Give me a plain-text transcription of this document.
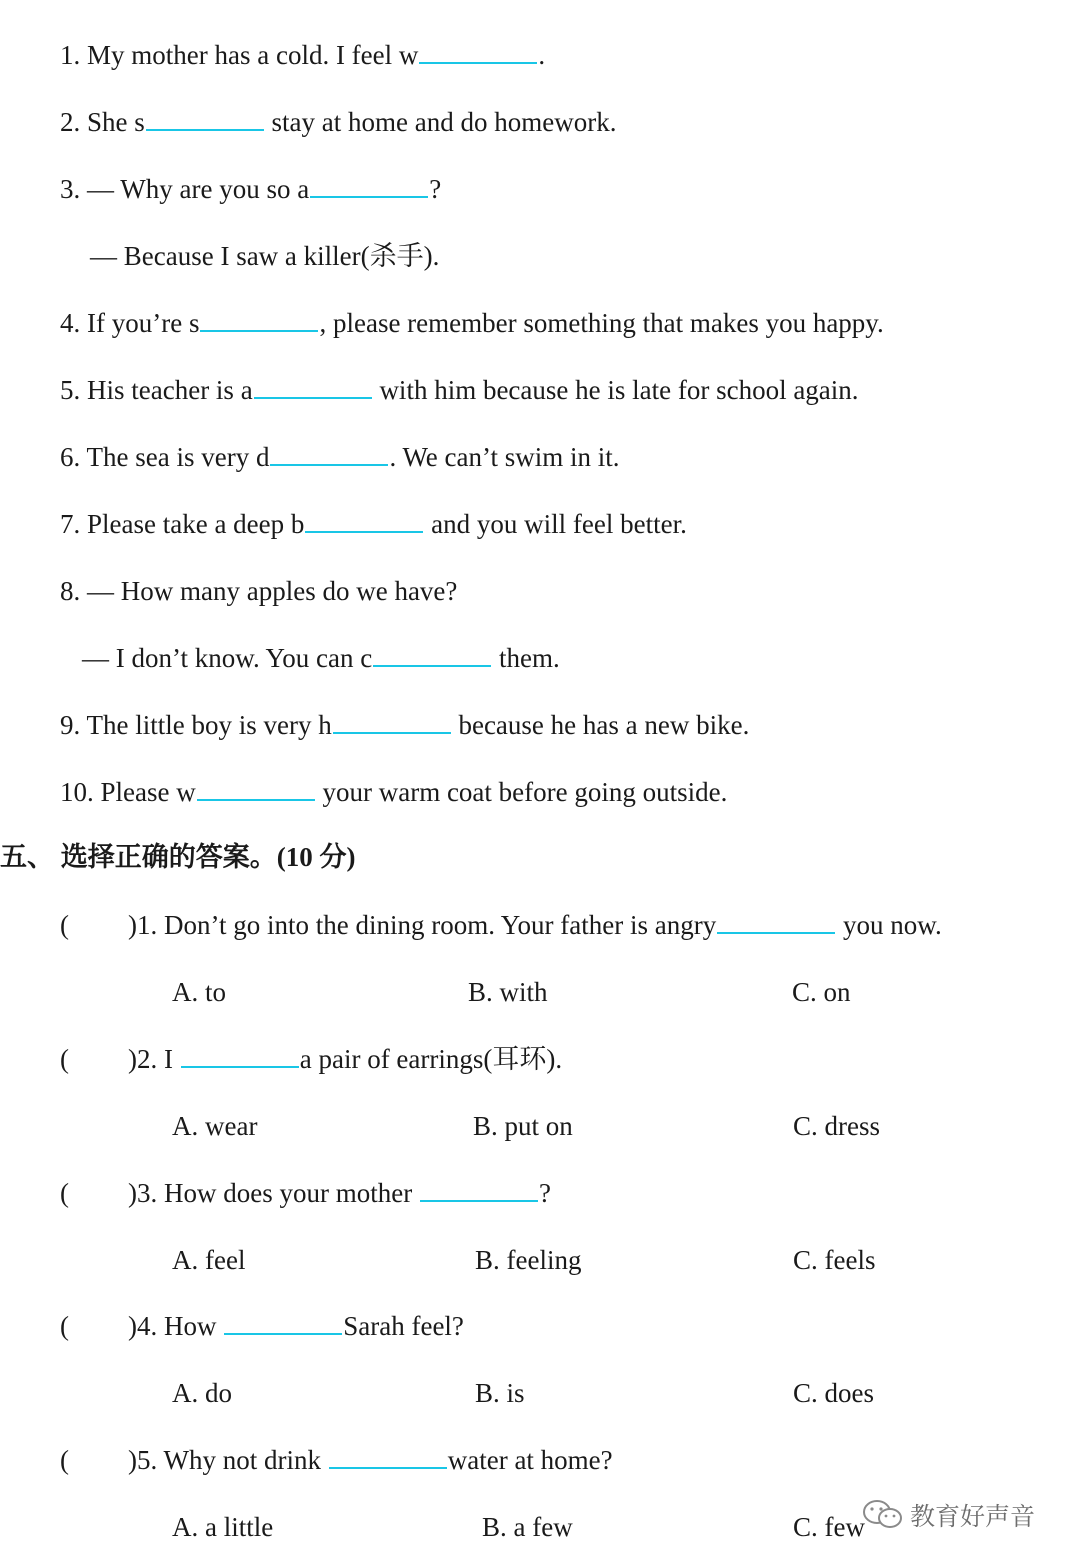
1. My mother has a cold. I feel w	.
2. She s	stay at home and do homework.
3. — Why are you so a	?
— Because I saw a killer(杀手).
4. If you’re s	, please remember something that makes you happy.
5. His teacher is a	with him because he is late for school again.
6. The sea is very d	. We can’t swim in it.
7. Please take a deep b	and you will feel better.
8. — How many apples do we have?
— I don’t know. You can c	them.
9. The little boy is very h	because he has a new bike.
10. Please w	your warm coat before going outside.
五、 选择正确的答案。(10 分)
( )1. Don’t go into the dining room. Your father is angry	you now.
A. to	B. with	C. on
( )2. I	a pair of earrings(耳环).
A. wear	B. put on	C. dress
( )3. How does your mother	?
A. feel	B. feeling	C. feels
( )4. How	Sarah feel?
A. do	B. is	C. does
( )5. Why not drink	water at home?
A. a little	B. a few	C. few 教育好声音
